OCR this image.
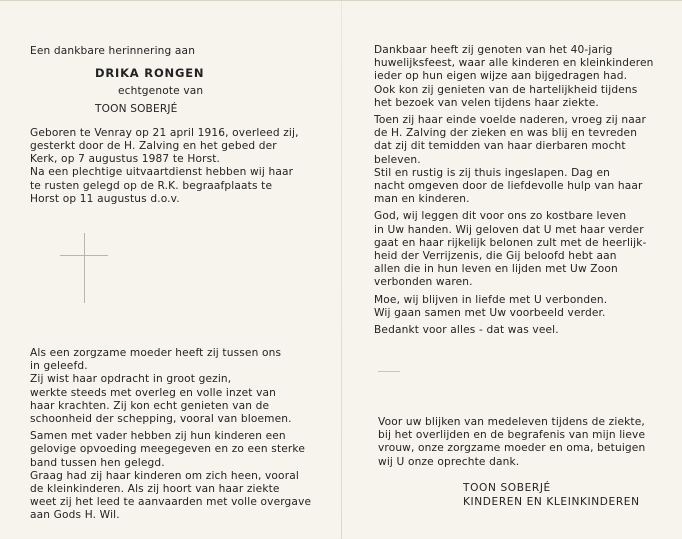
Een dankbare herinnering aan

DRIKA RONGEN

echtgenote van

TOON SOBERJÉ

Geboren te Venray op 21 april 1916, overleed zij,

gesterkt door de H. Zalving en het gebed der

Kerk, op 7 augustus 1987 te Horst.

Na een plechtige uitvaartdienst hebben wij haar

te rusten gelegd op de R.K. begraafplaats te

Horst op 11 augustus d.o.v.

Als een zorgzame moeder heeft zij tussen ons

in geleefd.

Zij wist haar opdracht in groot gezin,

werkte steeds met overleg en volle inzet van

haar krachten. Zij kon echt genieten van de

schoonheid der schepping, vooral van bloemen.

Samen met vader hebben zij hun kinderen een

gelovige opvoeding meegegeven en zo een sterke

band tussen hen gelegd.

Graag had zij haar kinderen om zich heen, vooral

de kleinkinderen. Als zij hoort van haar ziekte

weet zij het leed te aanvaarden met volle overgave

aan Gods H. Wil.

Dankbaar heeft zij genoten van het 40-jarig

huwelijksfeest, waar alle kinderen en kleinkinderen

ieder op hun eigen wijze aan bijgedragen had.

Ook kon zij genieten van de hartelijkheid tijdens

het bezoek van velen tijdens haar ziekte.

Toen zij haar einde voelde naderen, vroeg zij naar

de H. Zalving der zieken en was blij en tevreden

dat zij dit temidden van haar dierbaren mocht

beleven.

Stil en rustig is zij thuis ingeslapen. Dag en

nacht omgeven door de liefdevolle hulp van haar

man en kinderen.

God, wij leggen dit voor ons zo kostbare leven

in Uw handen. Wij geloven dat U met haar verder

gaat en haar rijkelijk belonen zult met de heerlijk-

heid der Verrijzenis, die Gij beloofd hebt aan

allen die in hun leven en lijden met Uw Zoon

verbonden waren.

Moe, wij blijven in liefde met U verbonden.

Wij gaan samen met Uw voorbeeld verder.

Bedankt voor alles - dat was veel.

Voor uw blijken van medeleven tijdens de ziekte,

bij het overlijden en de begrafenis van mijn lieve

vrouw, onze zorgzame moeder en oma, betuigen

wij U onze oprechte dank.

TOON SOBERJÉ

KINDEREN EN KLEINKINDEREN
